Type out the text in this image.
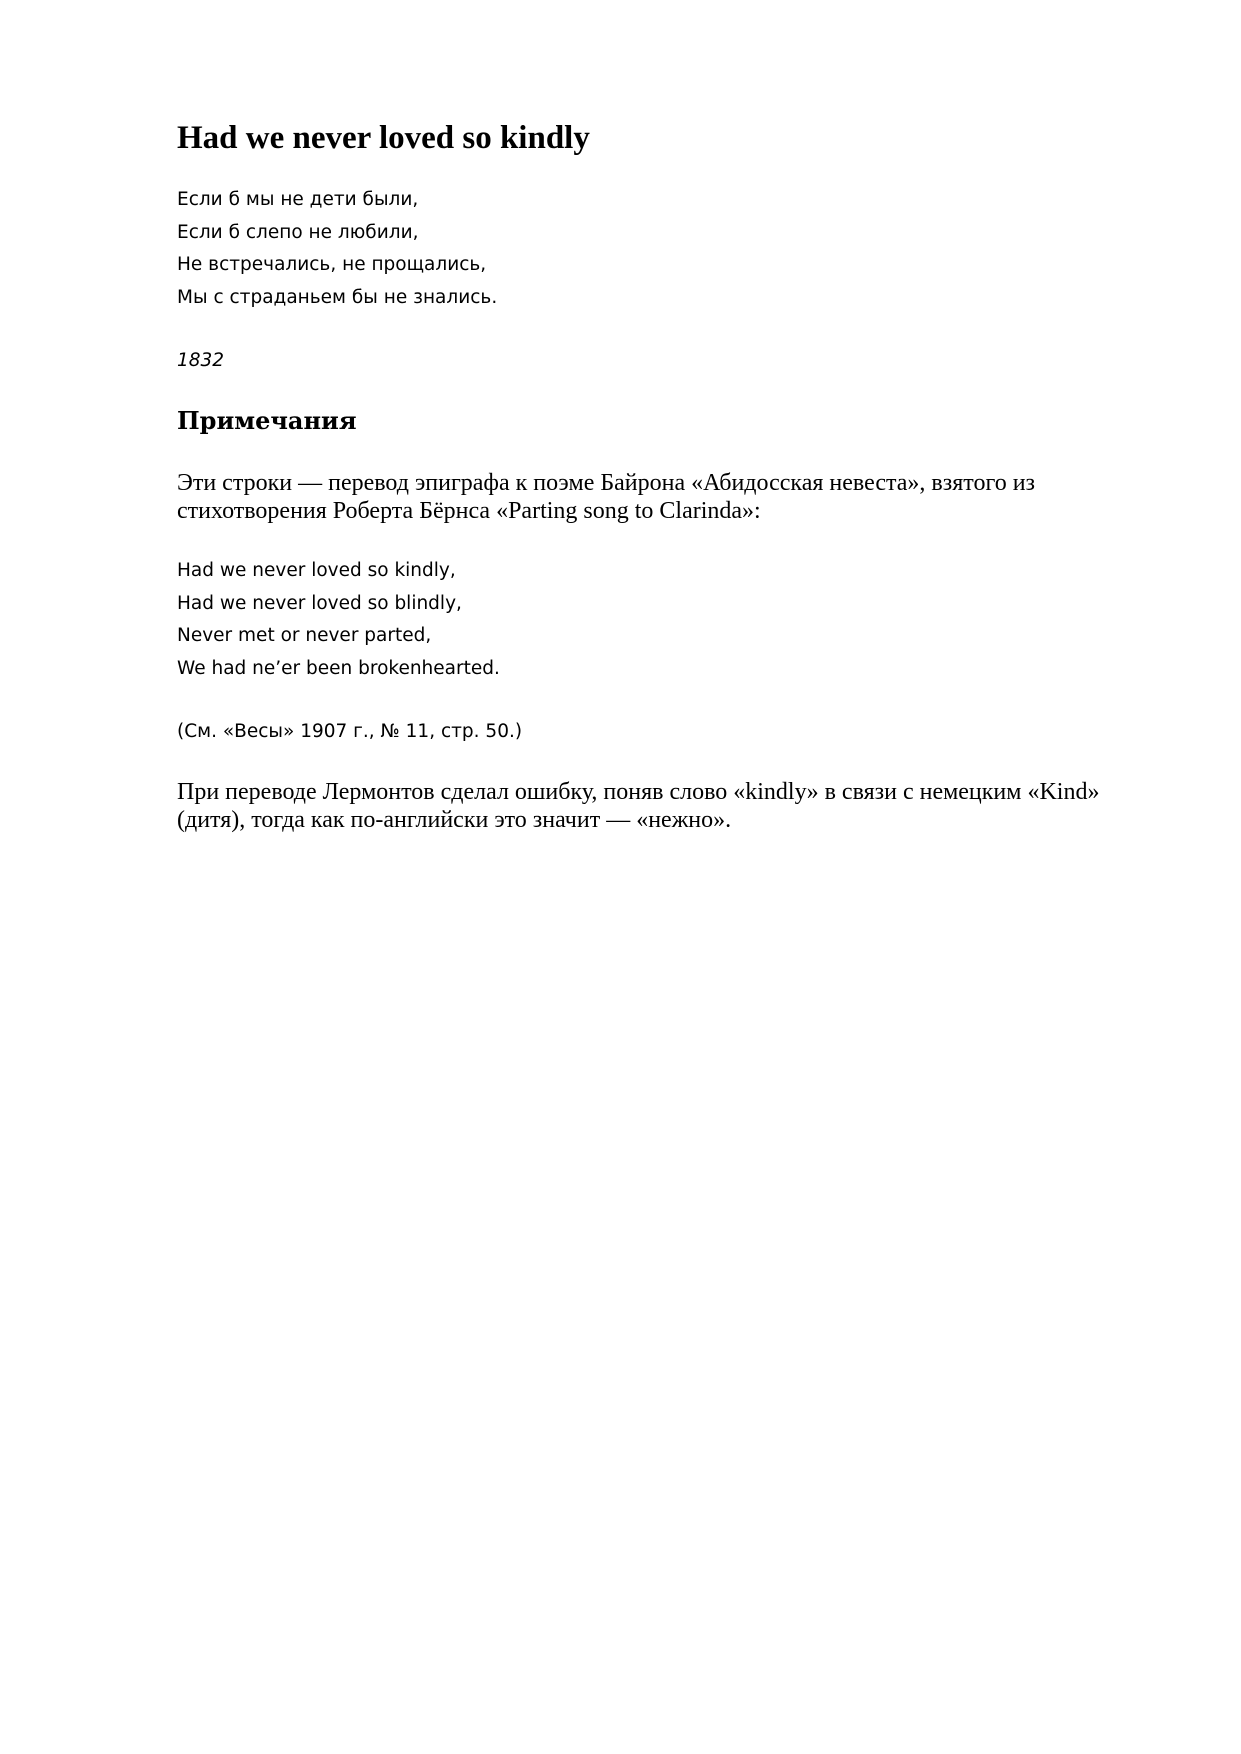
Had we never loved so kindly
Если б мы не дети были,
Если б слепо не любили,
Не встречались, не прощались,
Мы с страданьем бы не знались.

1832

Примечания

Эти строки — перевод эпиграфа к поэме Байрона «Абидосская невеста», взятого из стихотворения Роберта Бёрнса «Parting song to Clarinda»:

Had we never loved so kindly,
Had we never loved so blindly,
Never met or never parted,
We had ne’er been brokenhearted.

(См. «Весы» 1907 г., № 11, стр. 50.)

При переводе Лермонтов сделал ошибку, поняв слово «kindly» в связи с немецким «Kind» (дитя), тогда как по-английски это значит — «нежно».
